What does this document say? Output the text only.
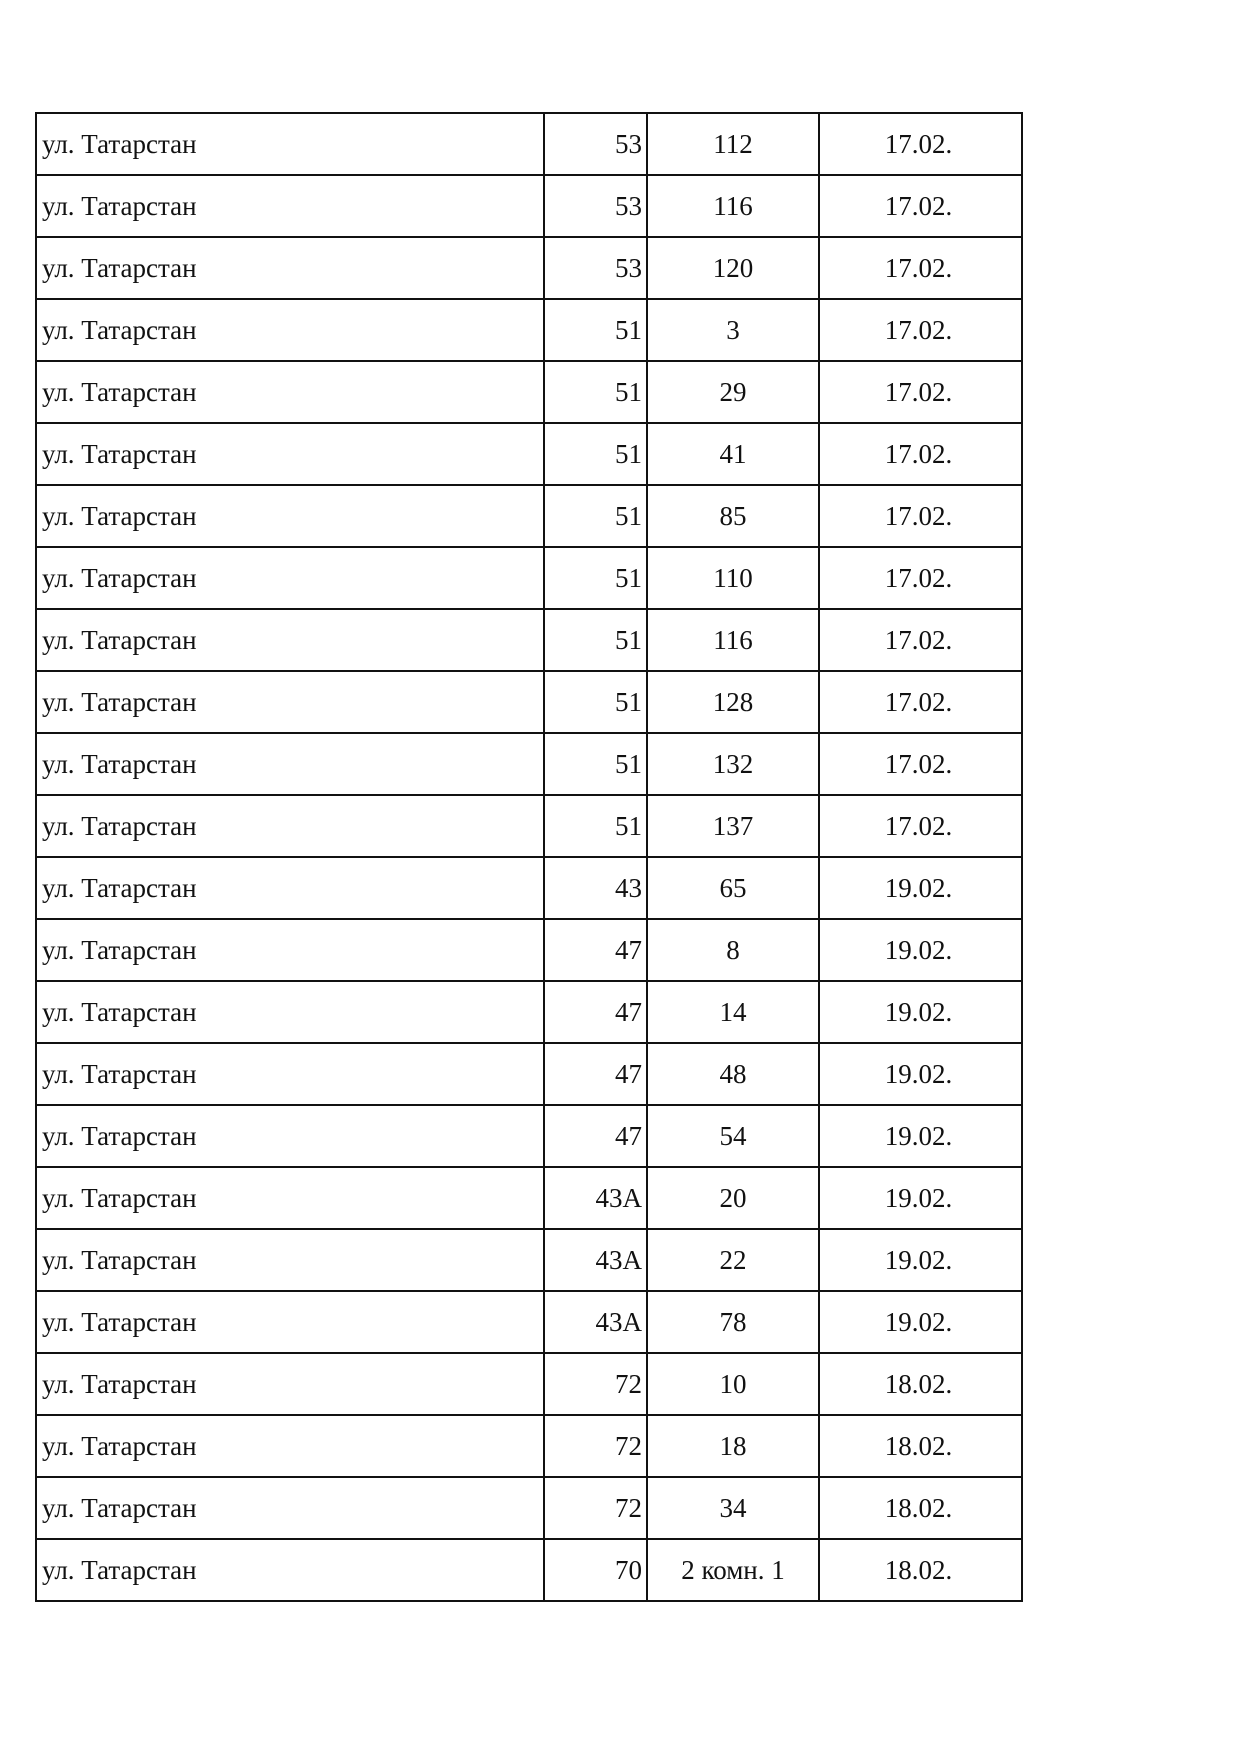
ул. Татарстан	53	112	17.02.
ул. Татарстан	53	116	17.02.
ул. Татарстан	53	120	17.02.
ул. Татарстан	51	3	17.02.
ул. Татарстан	51	29	17.02.
ул. Татарстан	51	41	17.02.
ул. Татарстан	51	85	17.02.
ул. Татарстан	51	110	17.02.
ул. Татарстан	51	116	17.02.
ул. Татарстан	51	128	17.02.
ул. Татарстан	51	132	17.02.
ул. Татарстан	51	137	17.02.
ул. Татарстан	43	65	19.02.
ул. Татарстан	47	8	19.02.
ул. Татарстан	47	14	19.02.
ул. Татарстан	47	48	19.02.
ул. Татарстан	47	54	19.02.
ул. Татарстан	43А	20	19.02.
ул. Татарстан	43А	22	19.02.
ул. Татарстан	43А	78	19.02.
ул. Татарстан	72	10	18.02.
ул. Татарстан	72	18	18.02.
ул. Татарстан	72	34	18.02.
ул. Татарстан	70	2 комн. 1	18.02.
